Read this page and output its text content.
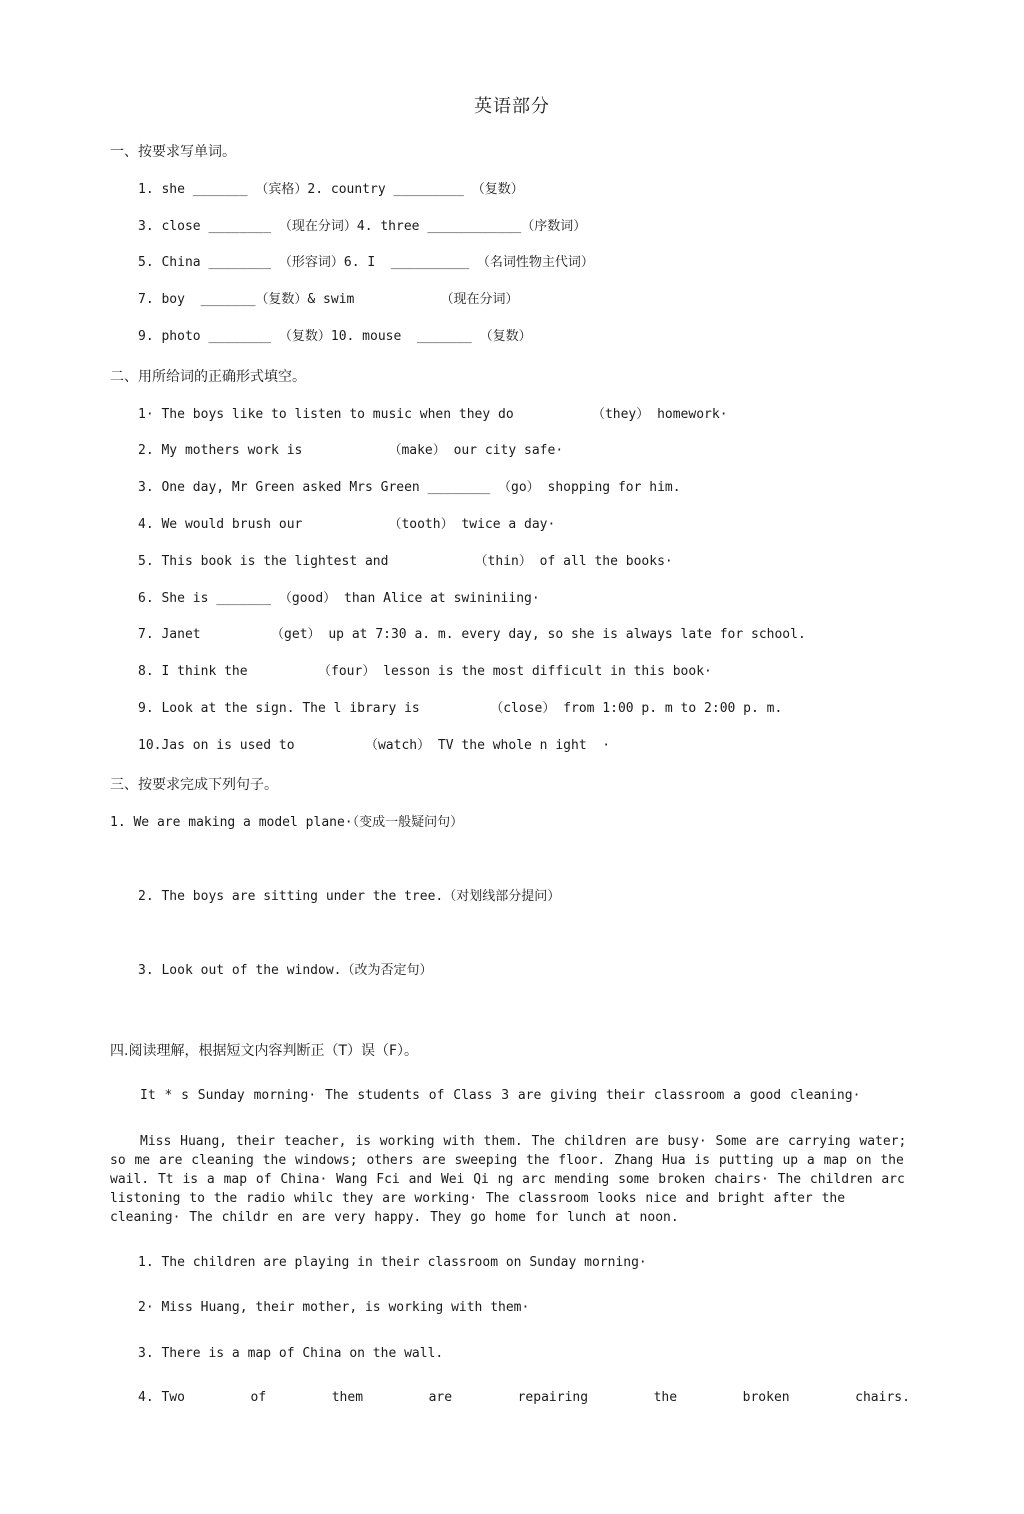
英语部分
一、按要求写单词。
1. she _______ （宾格）2. country _________ （复数）
3. close ________ （现在分词）4. three ____________（序数词）
5. China ________ （形容词）6. I  __________ （名词性物主代词）
7. boy  _______（复数）& swim           （现在分词）
9. photo ________ （复数）10. mouse  _______ （复数）
二、用所给词的正确形式填空。
1· The boys like to listen to music when they do          （they） homework·
2. My mothers work is           （make） our city safe·
3. One day, Mr Green asked Mrs Green ________ （go） shopping for him.
4. We would brush our           （tooth） twice a day·
5. This book is the lightest and           （thin） of all the books·
6. She is _______ （good） than Alice at swininiing·
7. Janet         （get） up at 7:30 a. m. every day, so she is always late for school.
8. I think the         （four） lesson is the most difficult in this book·
9. Look at the sign. The l ibrary is         （close） from 1:00 p. m to 2:00 p. m.
10.Jas on is used to         （watch） TV the whole n ight  ·
三、按要求完成下列句子。
1. We are making a model plane·（变成一般疑问句）
2. The boys are sitting under the tree.（对划线部分提问）
3. Look out of the window.（改为否定句）
四.阅读理解，根据短文内容判断正（T）误（F）。
It * s Sunday morning· The students of Class 3 are giving their classroom a good cleaning·
Miss Huang, their teacher, is working with them. The children are busy· Some are carrying water; so me are cleaning the windows; others are sweeping the floor. Zhang Hua is putting up a map on the wail. Tt is a map of China· Wang Fci and Wei Qi ng arc mending some broken chairs· The children arc listoning to the radio whilc they are working· The classroom looks nice and bright after the cleaning· The childr en are very happy. They go home for lunch at noon.
1. The children are playing in their classroom on Sunday morning·
2· Miss Huang, their mother, is working with them·
3. There is a map of China on the wall.
4. Two	of	them	are	repairing	the	broken	chairs.
